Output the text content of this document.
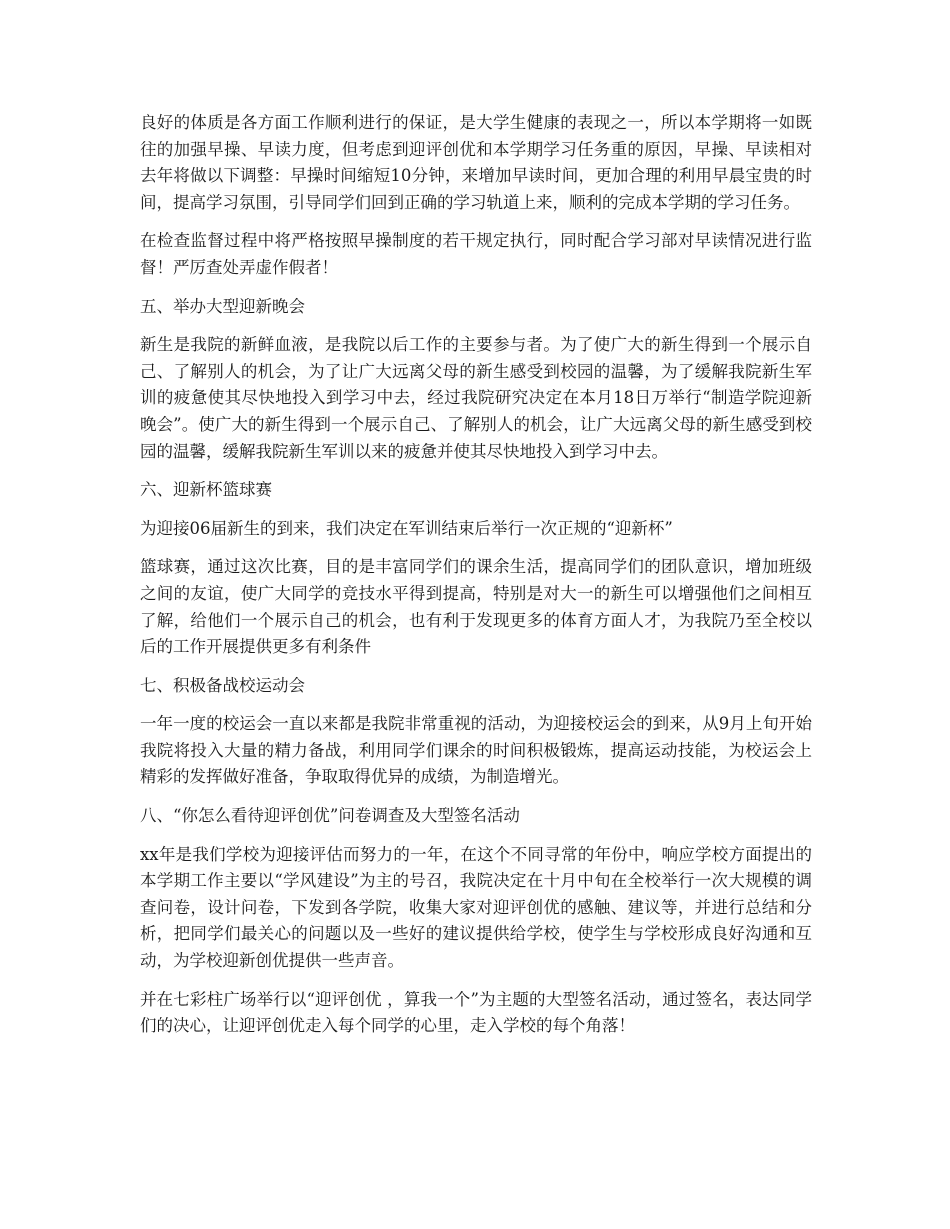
良好的体质是各方面工作顺利进行的保证，是大学生健康的表现之一，所以本学期将一如既往的加强早操、早读力度，但考虑到迎评创优和本学期学习任务重的原因，早操、早读相对去年将做以下调整：早操时间缩短10分钟，来增加早读时间，更加合理的利用早晨宝贵的时间，提高学习氛围，引导同学们回到正确的学习轨道上来，顺利的完成本学期的学习任务。

在检查监督过程中将严格按照早操制度的若干规定执行，同时配合学习部对早读情况进行监督！严厉查处弄虚作假者！

五、举办大型迎新晚会

新生是我院的新鲜血液，是我院以后工作的主要参与者。为了使广大的新生得到一个展示自己、了解别人的机会，为了让广大远离父母的新生感受到校园的温馨，为了缓解我院新生军训的疲惫使其尽快地投入到学习中去，经过我院研究决定在本月18日万举行“制造学院迎新晚会”。使广大的新生得到一个展示自己、了解别人的机会，让广大远离父母的新生感受到校园的温馨，缓解我院新生军训以来的疲惫并使其尽快地投入到学习中去。

六、迎新杯篮球赛

为迎接06届新生的到来，我们决定在军训结束后举行一次正规的“迎新杯”

篮球赛，通过这次比赛，目的是丰富同学们的课余生活，提高同学们的团队意识，增加班级之间的友谊，使广大同学的竞技水平得到提高，特别是对大一的新生可以增强他们之间相互了解，给他们一个展示自己的机会，也有利于发现更多的体育方面人才，为我院乃至全校以后的工作开展提供更多有利条件

七、积极备战校运动会

一年一度的校运会一直以来都是我院非常重视的活动，为迎接校运会的到来，从9月上旬开始我院将投入大量的精力备战，利用同学们课余的时间积极锻炼，提高运动技能，为校运会上精彩的发挥做好准备，争取取得优异的成绩，为制造增光。

八、“你怎么看待迎评创优”问卷调查及大型签名活动

xx年是我们学校为迎接评估而努力的一年，在这个不同寻常的年份中，响应学校方面提出的本学期工作主要以“学风建设”为主的号召，我院决定在十月中旬在全校举行一次大规模的调查问卷，设计问卷，下发到各学院，收集大家对迎评创优的感触、建议等，并进行总结和分析，把同学们最关心的问题以及一些好的建议提供给学校，使学生与学校形成良好沟通和互动，为学校迎新创优提供一些声音。

并在七彩柱广场举行以“迎评创优 ，算我一个”为主题的大型签名活动，通过签名，表达同学们的决心，让迎评创优走入每个同学的心里，走入学校的每个角落！
